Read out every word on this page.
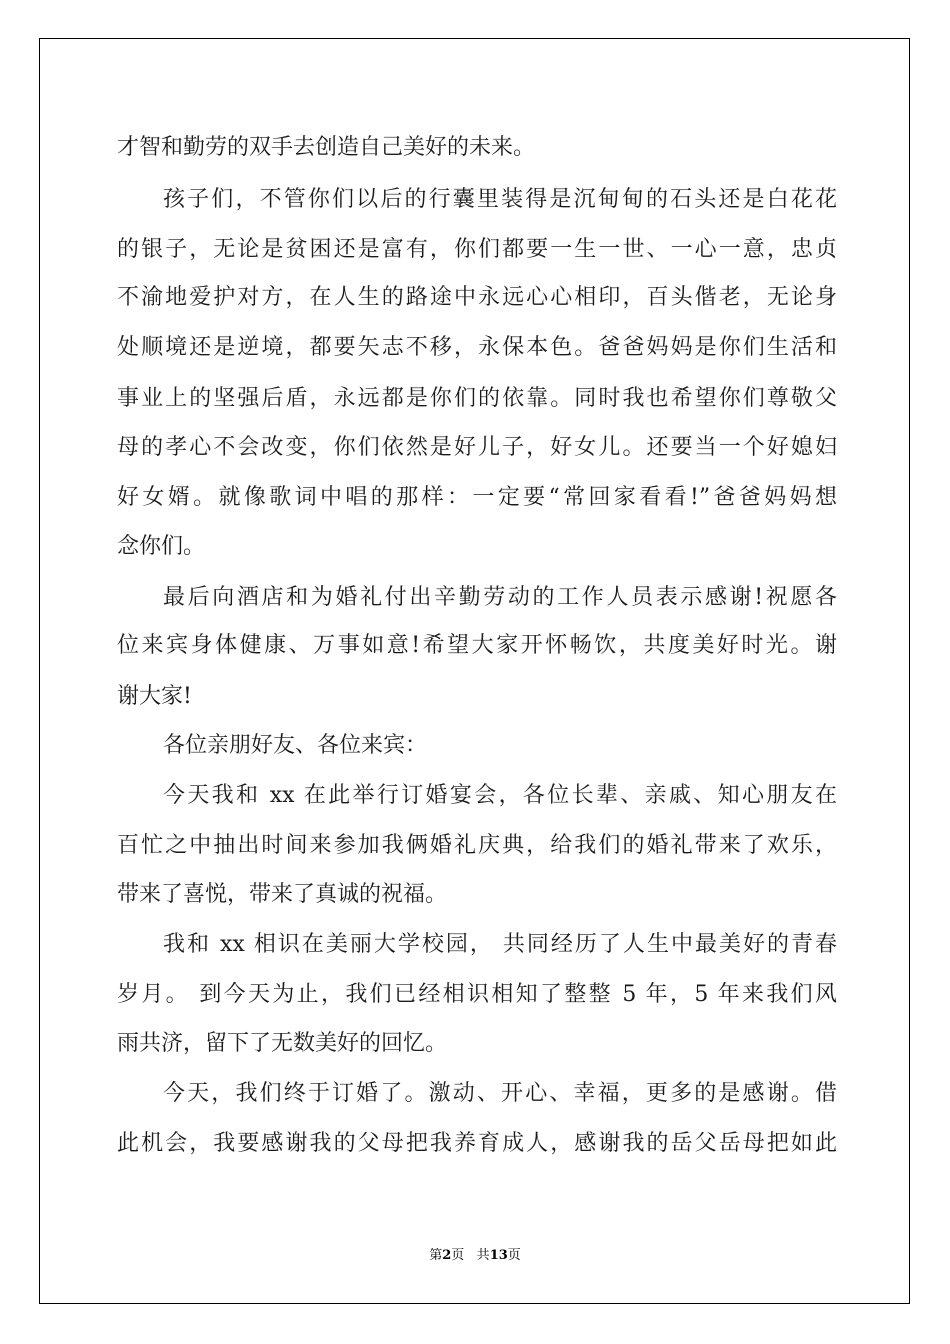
才智和勤劳的双手去创造自己美好的未来。
孩子们，不管你们以后的行囊里装得是沉甸甸的石头还是白花花
的银子，无论是贫困还是富有，你们都要一生一世、一心一意，忠贞
不渝地爱护对方，在人生的路途中永远心心相印，百头偕老，无论身
处顺境还是逆境，都要矢志不移，永保本色。爸爸妈妈是你们生活和
事业上的坚强后盾，永远都是你们的依靠。同时我也希望你们尊敬父
母的孝心不会改变，你们依然是好儿子，好女儿。还要当一个好媳妇
好女婿。就像歌词中唱的那样：一定要“常回家看看!”爸爸妈妈想
念你们。
最后向酒店和为婚礼付出辛勤劳动的工作人员表示感谢!祝愿各
位来宾身体健康、万事如意!希望大家开怀畅饮，共度美好时光。谢
谢大家!
各位亲朋好友、各位来宾：
今天我和 xx 在此举行订婚宴会，各位长辈、亲戚、知心朋友在
百忙之中抽出时间来参加我俩婚礼庆典，给我们的婚礼带来了欢乐，
带来了喜悦，带来了真诚的祝福。
我和 xx 相识在美丽大学校园， 共同经历了人生中最美好的青春
岁月。 到今天为止，我们已经相识相知了整整 5 年，5 年来我们风
雨共济，留下了无数美好的回忆。
今天，我们终于订婚了。激动、开心、幸福，更多的是感谢。借
此机会，我要感谢我的父母把我养育成人，感谢我的岳父岳母把如此
第2页 共13页
